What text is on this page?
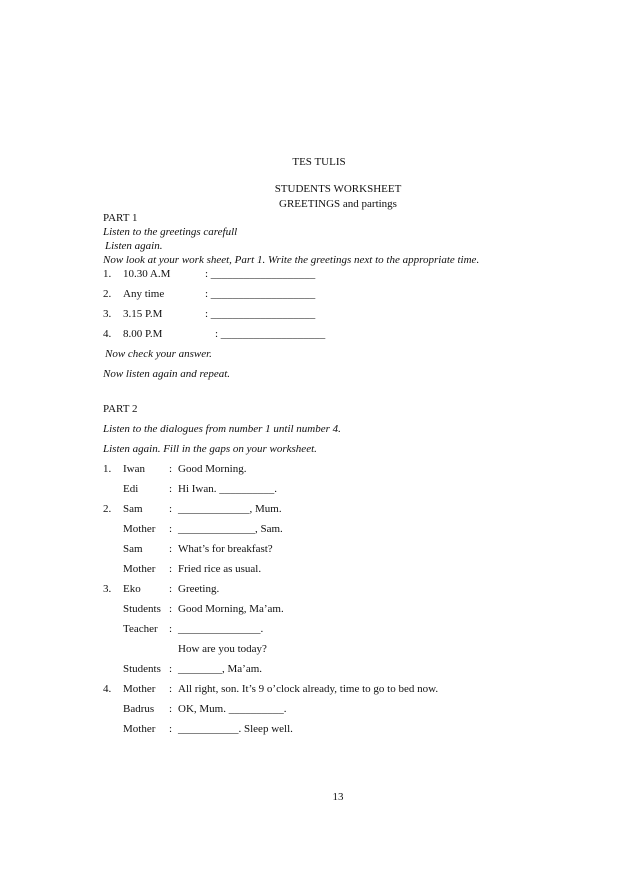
TES TULIS
STUDENTS WORKSHEET
GREETINGS and partings
PART 1
Listen to the greetings carefull
Listen again.
Now look at your work sheet, Part 1. Write the greetings next to the appropriate time.
1. 10.30 A.M	: ___________________
2. Any time	: ___________________
3. 3.15 P.M	: ___________________
4. 8.00 P.M	: ___________________
Now check your answer.
Now listen again and repeat.
PART 2
Listen to the dialogues from number 1 until number 4.
Listen again. Fill in the gaps on your worksheet.
1. Iwan : Good Morning.
Edi	: Hi Iwan. __________.
2. Sam : _____________, Mum.
Mother : ______________, Sam.
Sam : What’s for breakfast?
Mother : Fried rice as usual.
3. Eko	: Greeting.
Students : Good Morning, Ma’am.
Teacher : _______________.
How are you today?
Students : ________, Ma’am.
4. Mother : All right, son. It’s 9 o’clock already, time to go to bed now.
Badrus : OK, Mum. __________.
Mother : ___________. Sleep well.
13
